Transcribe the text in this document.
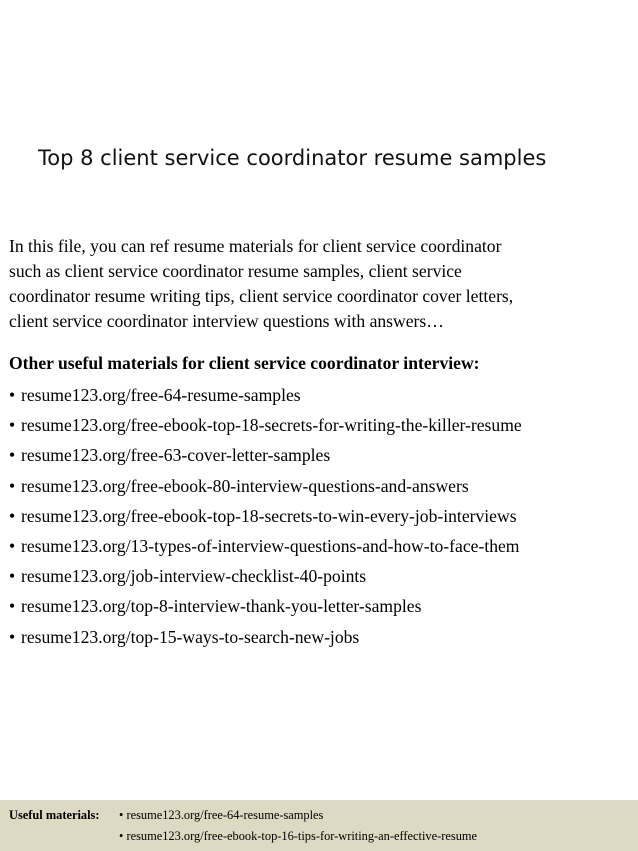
Top 8 client service coordinator resume samples

In this file, you can ref resume materials for client service coordinator
such as client service coordinator resume samples, client service
coordinator resume writing tips, client service coordinator cover letters,
client service coordinator interview questions with answers…

Other useful materials for client service coordinator interview:
• resume123.org/free-64-resume-samples
• resume123.org/free-ebook-top-18-secrets-for-writing-the-killer-resume
• resume123.org/free-63-cover-letter-samples
• resume123.org/free-ebook-80-interview-questions-and-answers
• resume123.org/free-ebook-top-18-secrets-to-win-every-job-interviews
• resume123.org/13-types-of-interview-questions-and-how-to-face-them
• resume123.org/job-interview-checklist-40-points
• resume123.org/top-8-interview-thank-you-letter-samples
• resume123.org/top-15-ways-to-search-new-jobs
Useful materials: • resume123.org/free-64-resume-samples
• resume123.org/free-ebook-top-16-tips-for-writing-an-effective-resume
